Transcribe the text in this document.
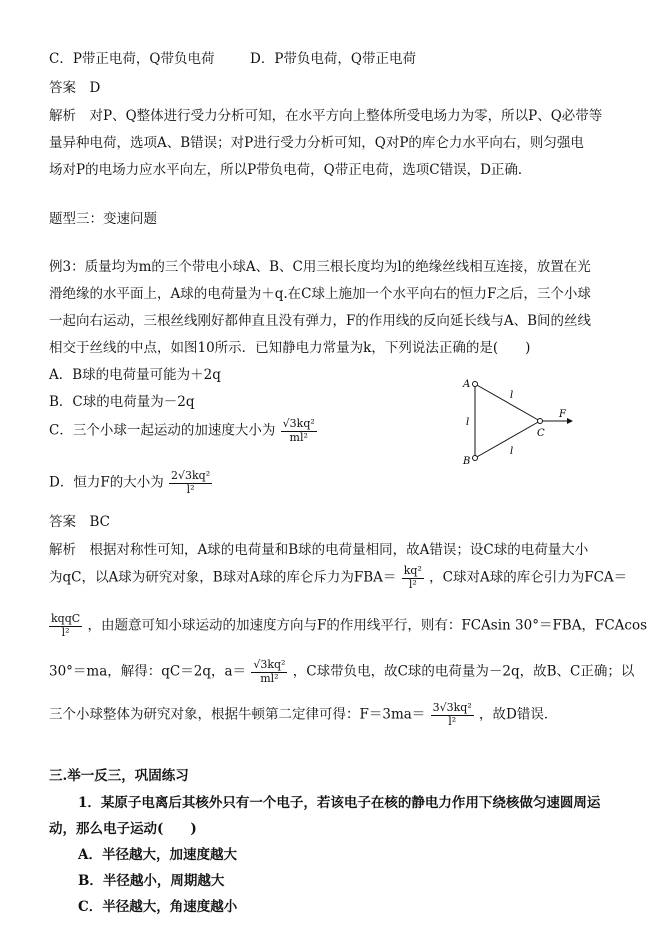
C．P带正电荷，Q带负电荷	D．P带负电荷，Q带正电荷
答案　D
解析　对P、Q整体进行受力分析可知，在水平方向上整体所受电场力为零，所以P、Q必带等
量异种电荷，选项A、B错误；对P进行受力分析可知，Q对P的库仑力水平向右，则匀强电
场对P的电场力应水平向左，所以P带负电荷，Q带正电荷，选项C错误，D正确．
题型三：变速问题
例3：质量均为m的三个带电小球A、B、C用三根长度均为l的绝缘丝线相互连接，放置在光
滑绝缘的水平面上，A球的电荷量为＋q.在C球上施加一个水平向右的恒力F之后，三个小球
一起向右运动，三根丝线刚好都伸直且没有弹力，F的作用线的反向延长线与A、B间的丝线
相交于丝线的中点，如图10所示．已知静电力常量为k，下列说法正确的是(　　)
A．B球的电荷量可能为＋2q
B．C球的电荷量为－2q
C．三个小球一起运动的加速度大小为 $\frac{\text{√3kq²}}{\text{ml²}}$
D．恒力F的大小为 $\frac{\text{2√3kq²}}{\text{l²}}$
A
B
C
F
l
l
l
答案　BC
解析　根据对称性可知，A球的电荷量和B球的电荷量相同，故A错误；设C球的电荷量大小
为qC，以A球为研究对象，B球对A球的库仑斥力为$FBA= \frac{\text{kq²}}{\text{l²}}$ ，C球对A球的库仑引力为FCA＝
$\frac{\text{kqqC}}{\text{l²}}$ ，由题意可知小球运动的加速度方向与F的作用线平行，则有：FCAsin 30°＝FBA，FCAcos
30°＝ma，解得：qC＝2q，$a= \frac{\text{√3kq²}}{\text{ml²}}$ ，C球带负电，故C球的电荷量为－2q，故B、C正确；以
三个小球整体为研究对象，根据牛顿第二定律可得：$F=3ma= \frac{\text{3√3kq²}}{\text{l²}}$ ，故D错误．
三.举一反三，巩固练习
1．某原子电离后其核外只有一个电子，若该电子在核的静电力作用下绕核做匀速圆周运
动，那么电子运动(　　)
A．半径越大，加速度越大
B．半径越小，周期越大
C．半径越大，角速度越小
